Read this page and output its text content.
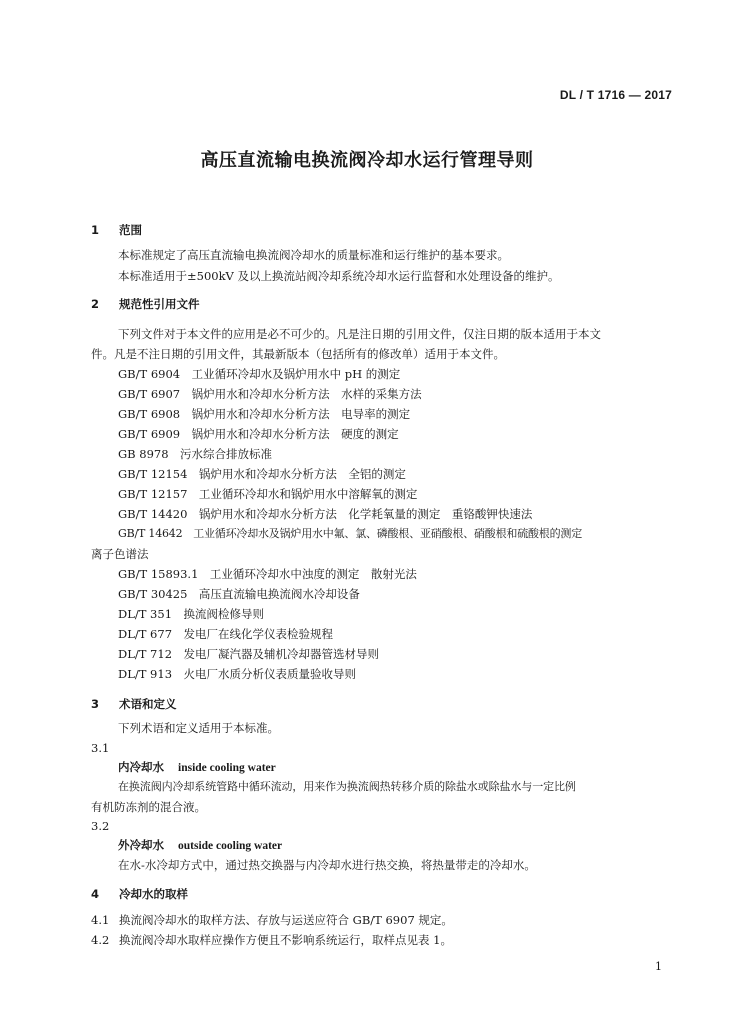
DL / T 1716 — 2017
高压直流输电换流阀冷却水运行管理导则
1 范围
本标准规定了高压直流输电换流阀冷却水的质量标准和运行维护的基本要求。
本标准适用于±500kV 及以上换流站阀冷却系统冷却水运行监督和水处理设备的维护。
2 规范性引用文件
下列文件对于本文件的应用是必不可少的。凡是注日期的引用文件，仅注日期的版本适用于本文
件。凡是不注日期的引用文件，其最新版本（包括所有的修改单）适用于本文件。
GB/T 6904　工业循环冷却水及锅炉用水中 pH 的测定
GB/T 6907　锅炉用水和冷却水分析方法　水样的采集方法
GB/T 6908　锅炉用水和冷却水分析方法　电导率的测定
GB/T 6909　锅炉用水和冷却水分析方法　硬度的测定
GB 8978　污水综合排放标准
GB/T 12154　锅炉用水和冷却水分析方法　全铝的测定
GB/T 12157　工业循环冷却水和锅炉用水中溶解氧的测定
GB/T 14420　锅炉用水和冷却水分析方法　化学耗氧量的测定　重铬酸钾快速法
GB/T 14642　工业循环冷却水及锅炉用水中氟、氯、磷酸根、亚硝酸根、硝酸根和硫酸根的测定
离子色谱法
GB/T 15893.1　工业循环冷却水中浊度的测定　散射光法
GB/T 30425　高压直流输电换流阀水冷却设备
DL/T 351　换流阀检修导则
DL/T 677　发电厂在线化学仪表检验规程
DL/T 712　发电厂凝汽器及辅机冷却器管选材导则
DL/T 913　火电厂水质分析仪表质量验收导则
3 术语和定义
下列术语和定义适用于本标准。
3.1
内冷却水 inside cooling water
在换流阀内冷却系统管路中循环流动，用来作为换流阀热转移介质的除盐水或除盐水与一定比例
有机防冻剂的混合液。
3.2
外冷却水 outside cooling water
在水-水冷却方式中，通过热交换器与内冷却水进行热交换，将热量带走的冷却水。
4 冷却水的取样
4.1 换流阀冷却水的取样方法、存放与运送应符合 GB/T 6907 规定。
4.2 换流阀冷却水取样应操作方便且不影响系统运行，取样点见表 1。
1
